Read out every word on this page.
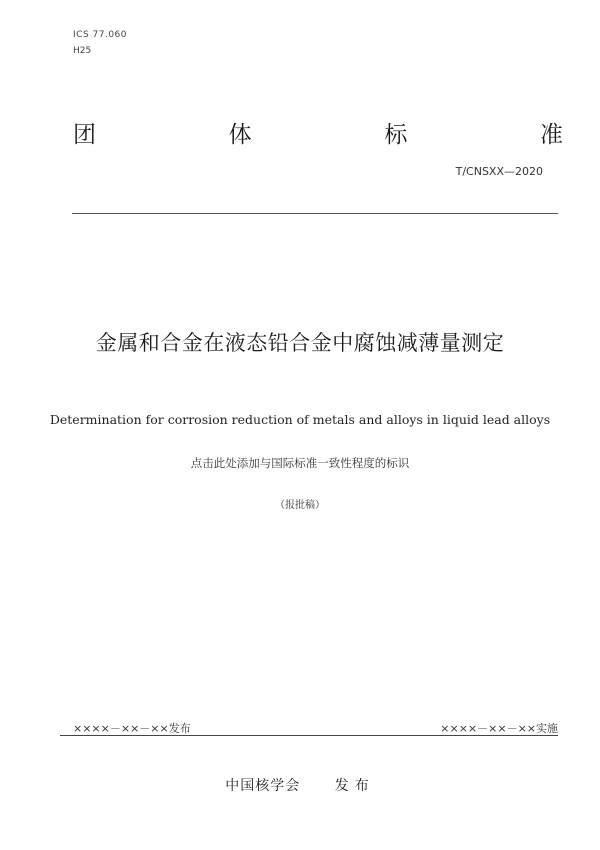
ICS 77.060
H25
团	体	标	准
T/CNSXX—2020
金属和合金在液态铅合金中腐蚀减薄量测定
Determination for corrosion reduction of metals and alloys in liquid lead alloys
点击此处添加与国际标准一致性程度的标识
（报批稿）
××××－××－××发布	××××－××－××实施
中国核学会 发布
